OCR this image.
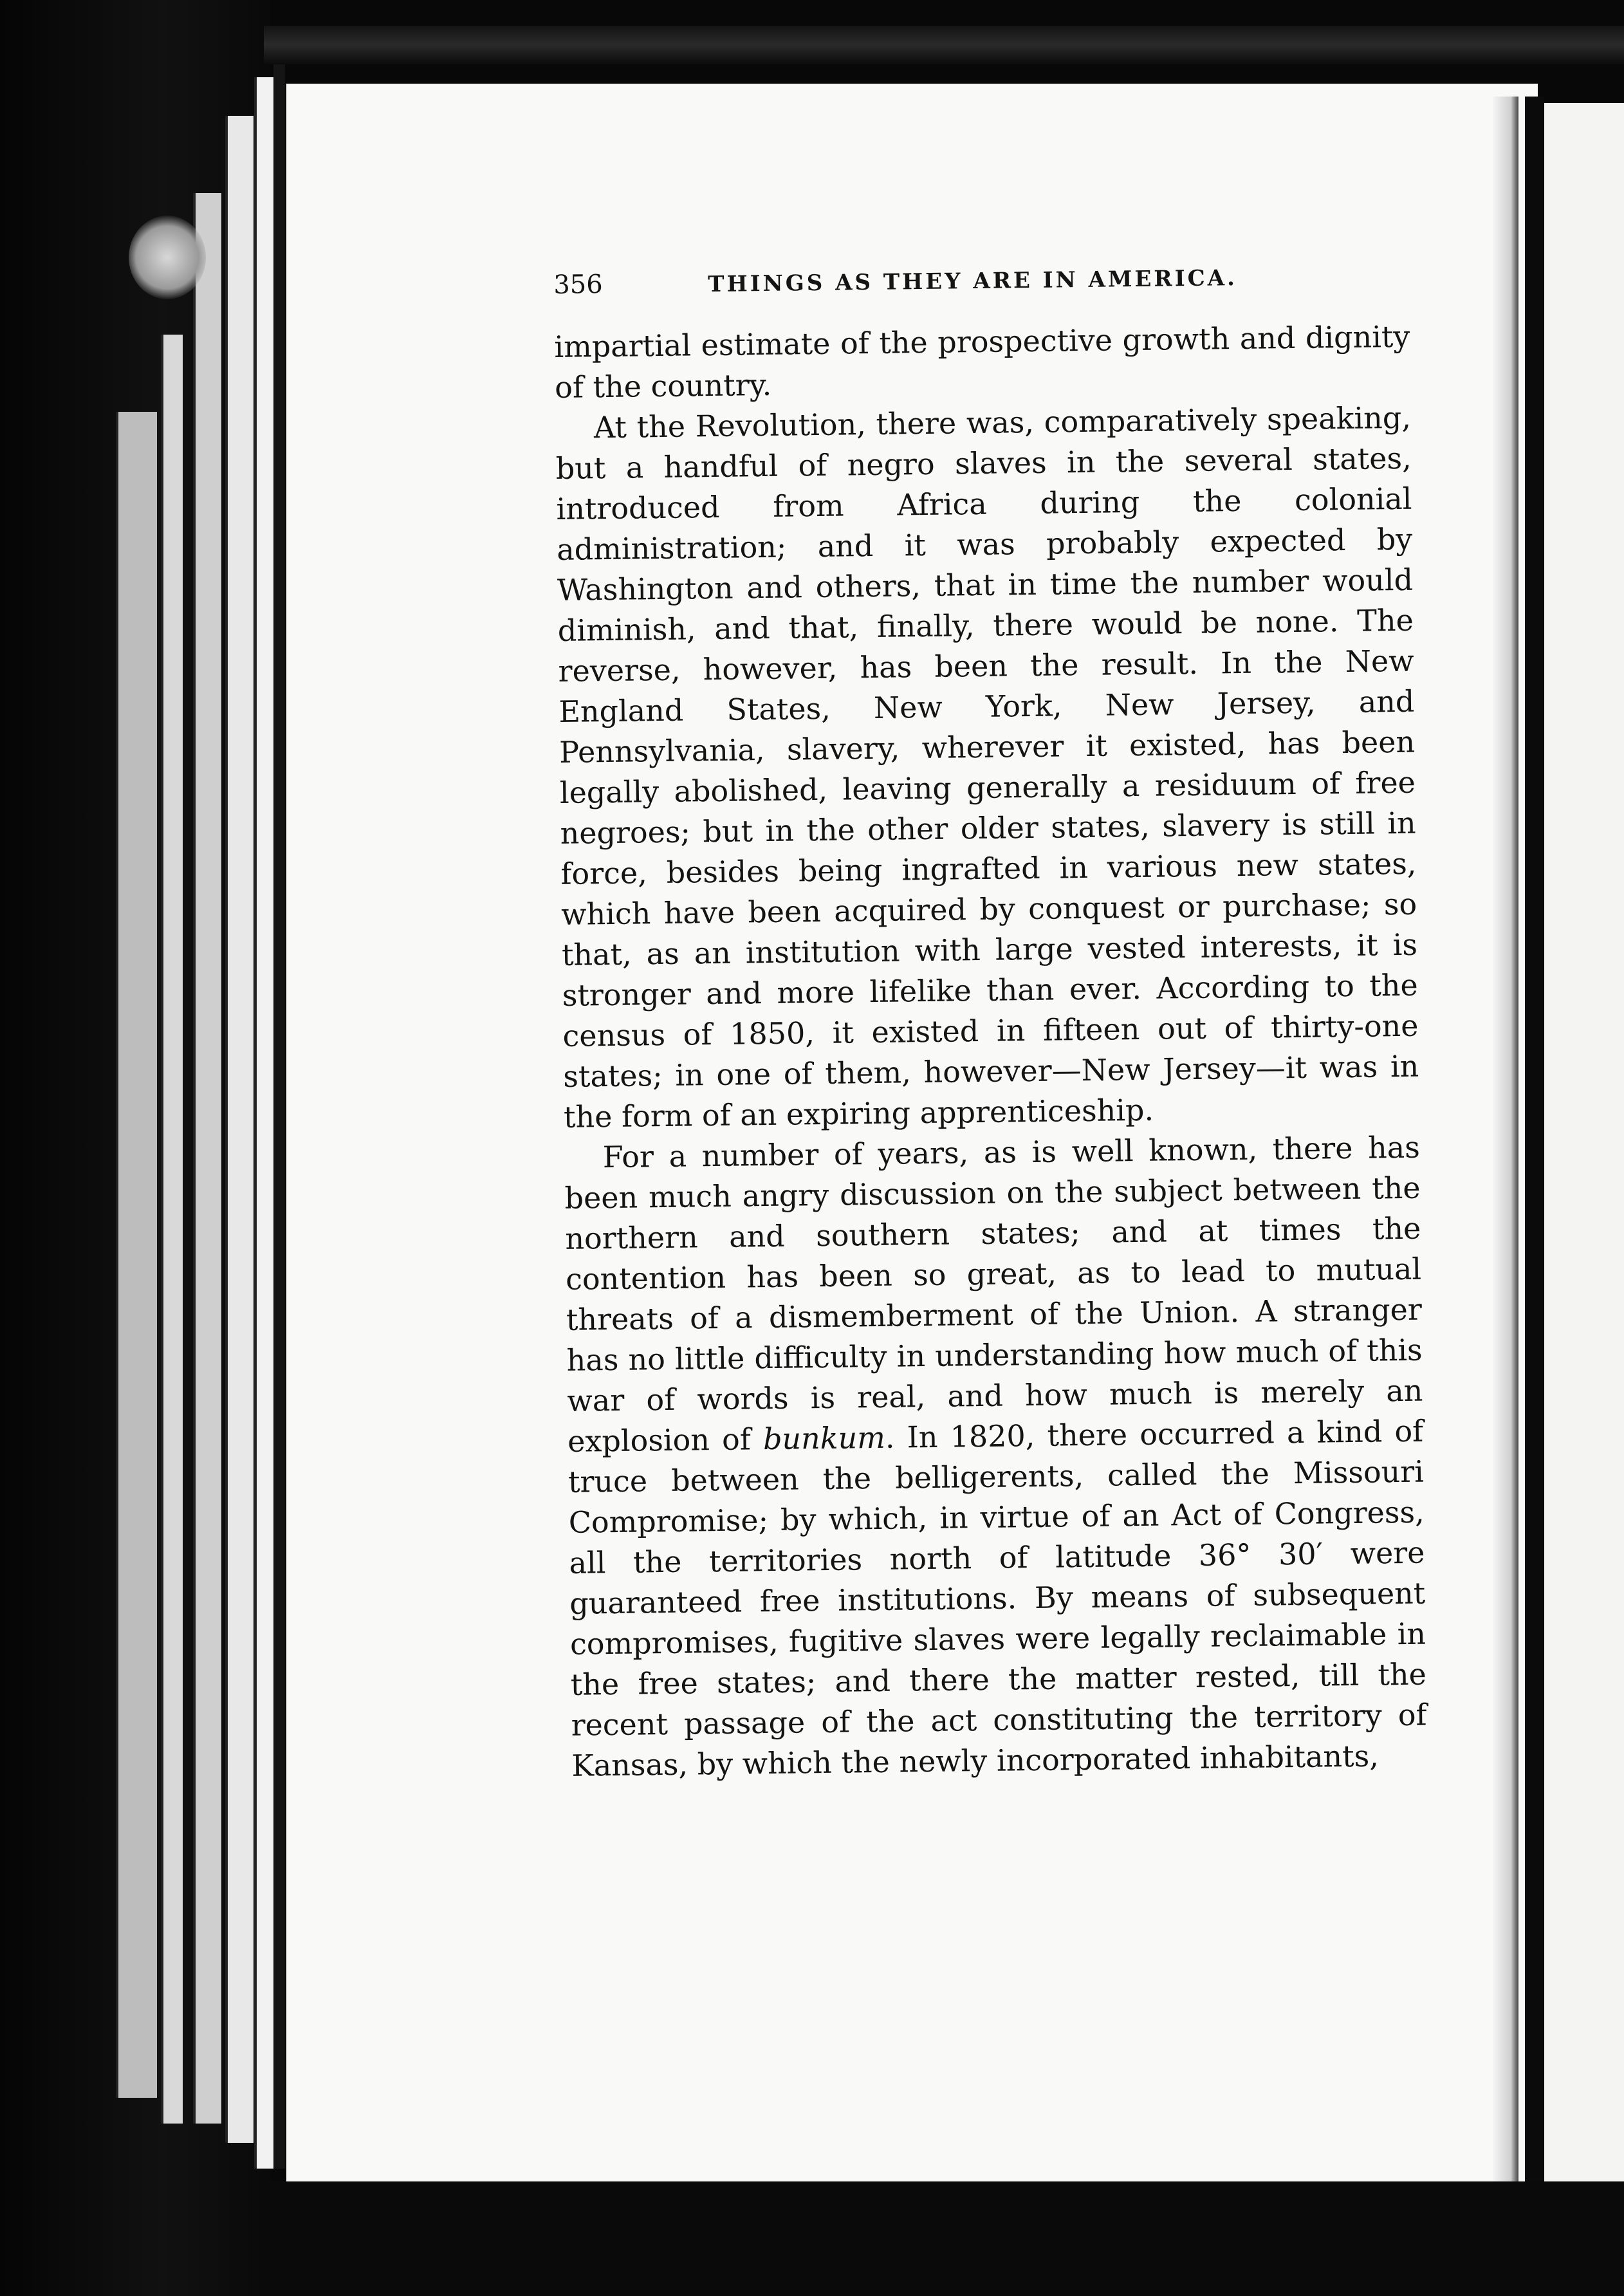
356	THINGS AS THEY ARE IN AMERICA.

impartial estimate of the prospective growth and dignity of the country.

At the Revolution, there was, comparatively speaking, but a handful of negro slaves in the several states, introduced from Africa during the colonial administration; and it was probably expected by Washington and others, that in time the number would diminish, and that, finally, there would be none. The reverse, however, has been the result. In the New England States, New York, New Jersey, and Pennsylvania, slavery, wherever it existed, has been legally abolished, leaving generally a residuum of free negroes; but in the other older states, slavery is still in force, besides being ingrafted in various new states, which have been acquired by conquest or purchase; so that, as an institution with large vested interests, it is stronger and more lifelike than ever. According to the census of 1850, it existed in fifteen out of thirty-one states; in one of them, however—New Jersey—it was in the form of an expiring apprenticeship.

For a number of years, as is well known, there has been much angry discussion on the subject between the northern and southern states; and at times the contention has been so great, as to lead to mutual threats of a dismemberment of the Union. A stranger has no little difficulty in understanding how much of this war of words is real, and how much is merely an explosion of bunkum. In 1820, there occurred a kind of truce between the belligerents, called the Missouri Compromise; by which, in virtue of an Act of Congress, all the territories north of latitude 36° 30′ were guaranteed free institutions. By means of subsequent compromises, fugitive slaves were legally reclaimable in the free states; and there the matter rested, till the recent passage of the act constituting the territory of Kansas, by which the newly incorporated inhabitants,
